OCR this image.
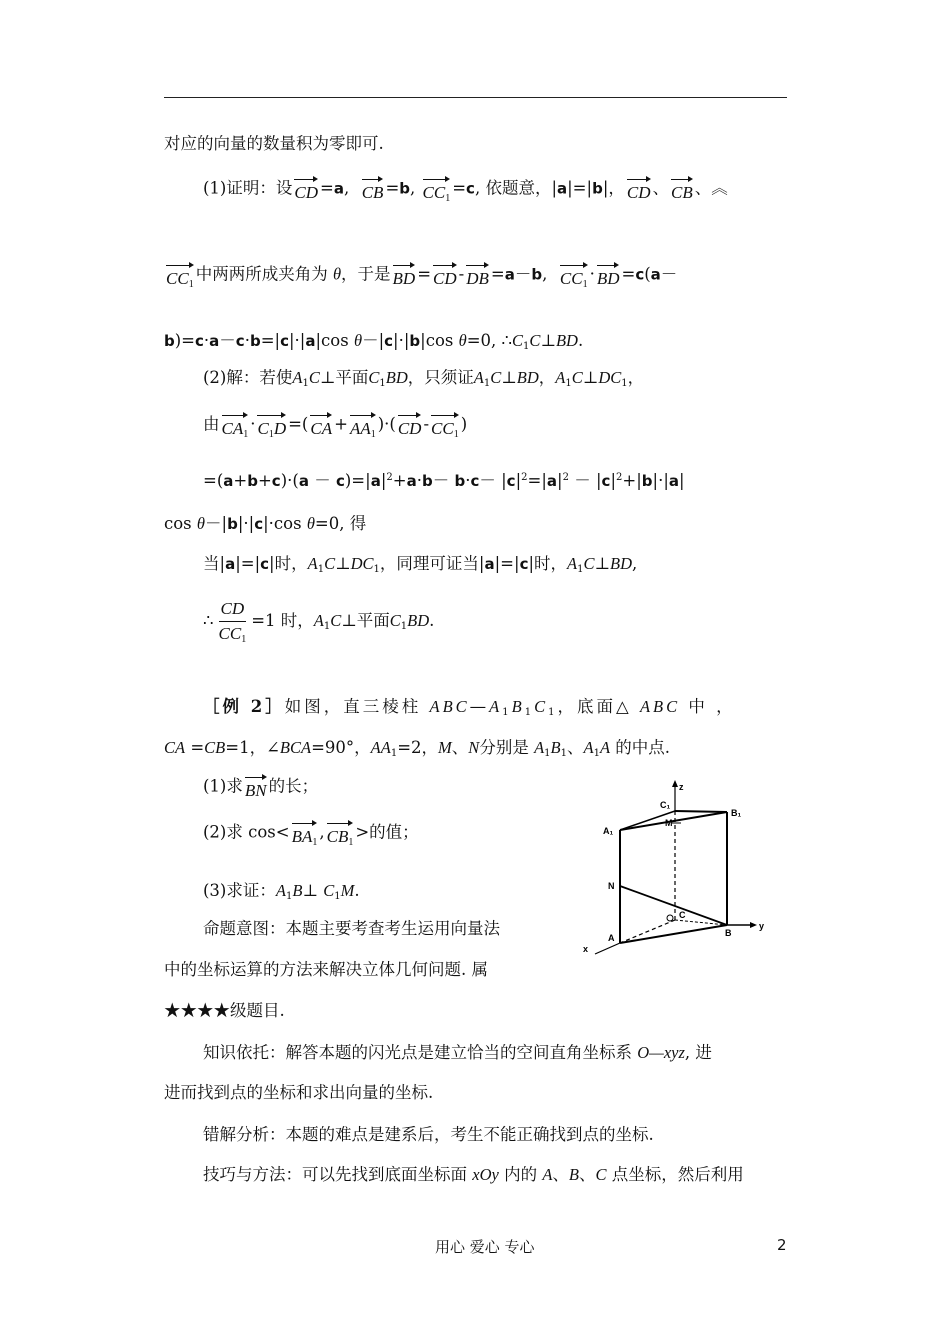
对应的向量的数量积为零即可.
(1)证明：设 CD =a,  CB =b, $CC_1=c$, 依题意，|a|=|b|， CD 、 CB 、︽
$CC_1$中两两所成夹角为 θ，于是 BD = CD - DB =a－b,  $CC_1\cdot$ BD =c(a－
b)=c·a－c·b=|c|·|a|cos θ－|c|·|b|cos θ=0, $\therefore C_1C\perp BD$.
(2)解：若使$A_1C\perp$平面$C_1BD$，只须证$A_1C\perp BD$，$A_1C\perp DC_1$，
由 $CA_1\cdot C_1D$ =( CA + $AA_1)\cdot$( CD - $CC_1$)
$=(a+b+c)\cdot(a - c)=|a|^2+a\cdot b- b\cdot c- |c|^2=|a|^2 - |c|^2+|b|\cdot|a|$
cos θ－|b|·|c|·cos θ=0, 得
当|a|=|c|时，$A_1C\perp DC_1$，同理可证当|a|=|c|时，$A_1C\perp BD$,
∴ $\frac{CD}{CC_1} =1$ 时，$A_1C\perp$平面$C_1BD$.
［例 2］如图，直三棱柱 $ABC—A_1B_1C_1$，底面△ ABC 中 ，
CA =CB=1，∠BCA=90°，$AA_1=2$，M、N分别是 $A_1B_1$、$A_1A$ 的中点.
(1)求 BN 的长；
(2)求 $\cos< BA_1$, $CB_1>$的值；
(3)求证：$A_1B\perp$ $C_1M$.
命题意图：本题主要考查考生运用向量法
中的坐标运算的方法来解决立体几何问题. 属
★★★★级题目.
知识依托：解答本题的闪光点是建立恰当的空间直角坐标系 O—xyz, 进
进而找到点的坐标和求出向量的坐标.
错解分析：本题的难点是建系后，考生不能正确找到点的坐标.
技巧与方法：可以先找到底面坐标面 xOy 内的 A、B、C 点坐标，然后利用
z
C₁
B₁
A₁
M
N
C
B
A
x
y
用心 爱心 专心	2
